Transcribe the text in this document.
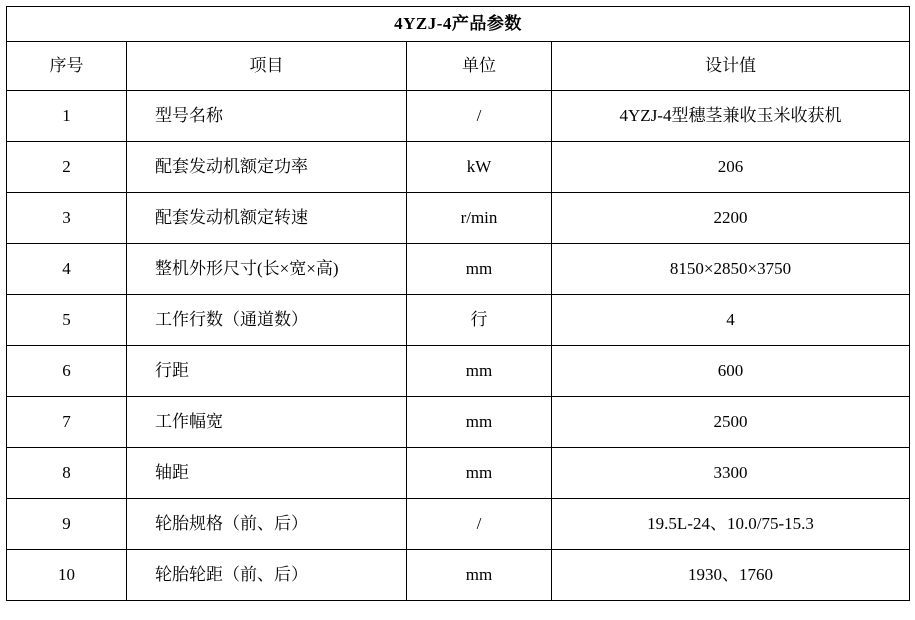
4YZJ-4产品参数			
序号	项目	单位	设计值
1	型号名称	/	4YZJ-4型穗茎兼收玉米收获机
2	配套发动机额定功率	kW	206
3	配套发动机额定转速	r/min	2200
4	整机外形尺寸(长×宽×高)	mm	8150×2850×3750
5	工作行数（通道数）	行	4
6	行距	mm	600
7	工作幅宽	mm	2500
8	轴距	mm	3300
9	轮胎规格（前、后）	/	19.5L-24、10.0/75-15.3
10	轮胎轮距（前、后）	mm	1930、1760
